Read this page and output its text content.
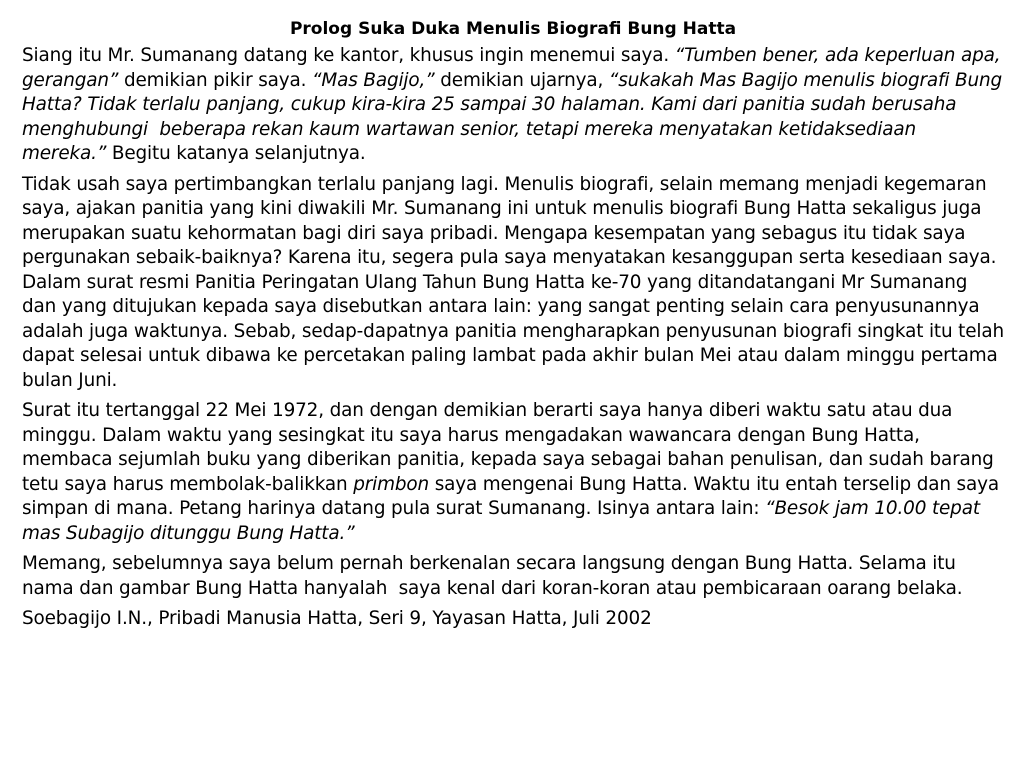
Prolog Suka Duka Menulis Biografi Bung Hatta

Siang itu Mr. Sumanang datang ke kantor, khusus ingin menemui saya. “Tumben bener, ada keperluan apa, gerangan” demikian pikir saya. “Mas Bagijo,” demikian ujarnya, “sukakah Mas Bagijo menulis biografi Bung Hatta? Tidak terlalu panjang, cukup kira-kira 25 sampai 30 halaman. Kami dari panitia sudah berusaha menghubungi  beberapa rekan kaum wartawan senior, tetapi mereka menyatakan ketidaksediaan mereka.” Begitu katanya selanjutnya.

Tidak usah saya pertimbangkan terlalu panjang lagi. Menulis biografi, selain memang menjadi kegemaran saya, ajakan panitia yang kini diwakili Mr. Sumanang ini untuk menulis biografi Bung Hatta sekaligus juga merupakan suatu kehormatan bagi diri saya pribadi. Mengapa kesempatan yang sebagus itu tidak saya pergunakan sebaik-baiknya? Karena itu, segera pula saya menyatakan kesanggupan serta kesediaan saya. Dalam surat resmi Panitia Peringatan Ulang Tahun Bung Hatta ke-70 yang ditandatangani Mr Sumanang dan yang ditujukan kepada saya disebutkan antara lain: yang sangat penting selain cara penyusunannya adalah juga waktunya. Sebab, sedap-dapatnya panitia mengharapkan penyusunan biografi singkat itu telah dapat selesai untuk dibawa ke percetakan paling lambat pada akhir bulan Mei atau dalam minggu pertama bulan Juni.

Surat itu tertanggal 22 Mei 1972, dan dengan demikian berarti saya hanya diberi waktu satu atau dua minggu. Dalam waktu yang sesingkat itu saya harus mengadakan wawancara dengan Bung Hatta, membaca sejumlah buku yang diberikan panitia, kepada saya sebagai bahan penulisan, dan sudah barang tetu saya harus membolak-balikkan primbon saya mengenai Bung Hatta. Waktu itu entah terselip dan saya simpan di mana. Petang harinya datang pula surat Sumanang. Isinya antara lain: “Besok jam 10.00 tepat mas Subagijo ditunggu Bung Hatta.”

Memang, sebelumnya saya belum pernah berkenalan secara langsung dengan Bung Hatta. Selama itu nama dan gambar Bung Hatta hanyalah  saya kenal dari koran-koran atau pembicaraan oarang belaka.

Soebagijo I.N., Pribadi Manusia Hatta, Seri 9, Yayasan Hatta, Juli 2002
